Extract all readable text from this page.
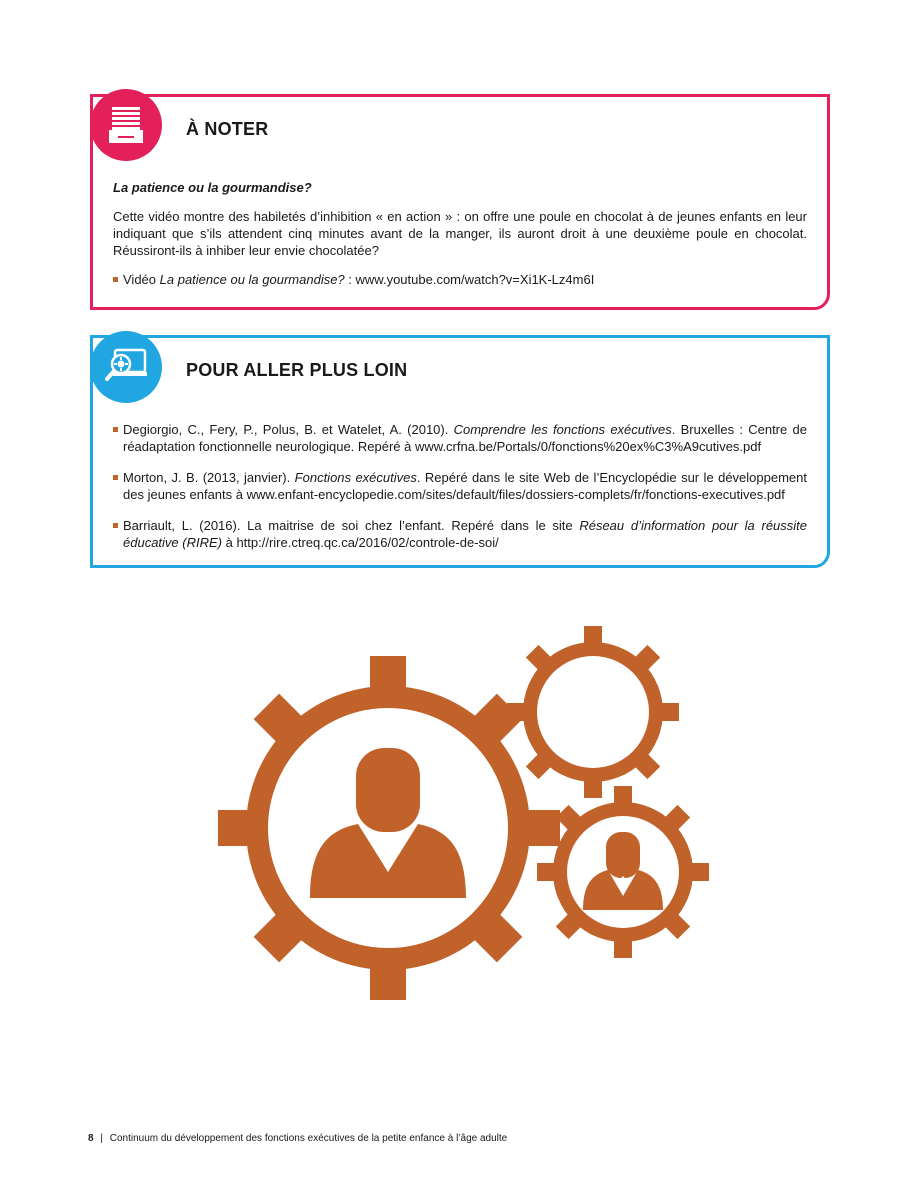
À NOTER
La patience ou la gourmandise?

Cette vidéo montre des habiletés d’inhibition « en action » : on offre une poule en chocolat à de jeunes enfants en leur indiquant que s’ils attendent cinq minutes avant de la manger, ils auront droit à une deuxième poule en chocolat. Réussiront-ils à inhiber leur envie chocolatée?

Vidéo La patience ou la gourmandise? : www.youtube.com/watch?v=Xi1K-Lz4m6I
POUR ALLER PLUS LOIN
Degiorgio, C., Fery, P., Polus, B. et Watelet, A. (2010). Comprendre les fonctions exécutives. Bruxelles : Centre de réadaptation fonctionnelle neurologique. Repéré à www.crfna.be/Portals/0/fonctions%20ex%C3%A9cutives.pdf
Morton, J. B. (2013, janvier). Fonctions exécutives. Repéré dans le site Web de l’Encyclopédie sur le développement des jeunes enfants à www.enfant-encyclopedie.com/sites/default/files/dossiers-complets/fr/fonctions-executives.pdf
Barriault, L. (2016). La maitrise de soi chez l’enfant. Repéré dans le site Réseau d’information pour la réussite éducative (RIRE) à http://rire.ctreq.qc.ca/2016/02/controle-de-soi/
8 | Continuum du développement des fonctions exécutives de la petite enfance à l’âge adulte
